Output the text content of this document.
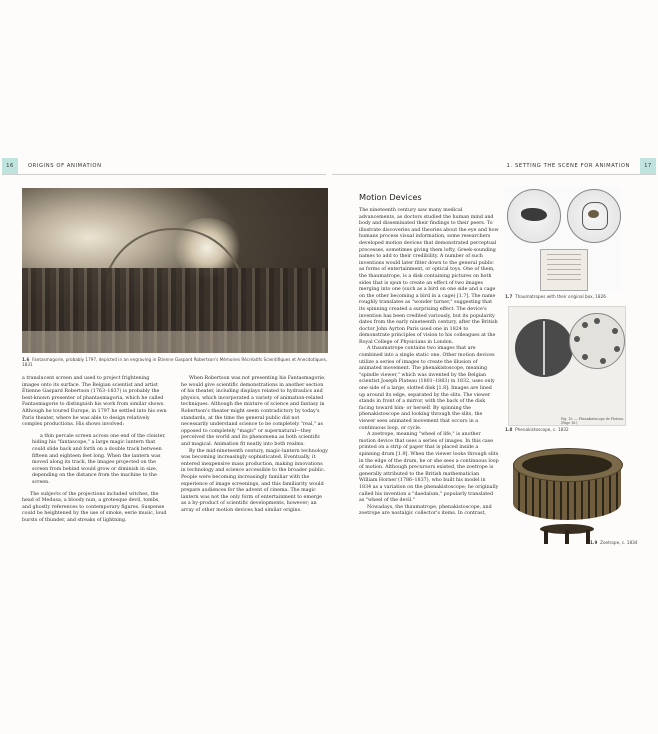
16	ORIGINS OF ANIMATION	1. SETTING THE SCENE FOR ANIMATION	17
1.6 Fantasmagorie, probably 1797, depicted in an engraving in Étienne Gaspard Robertson's Mémoires Récréatifs Scientifiques et Anecdotiques, 1831

a translucent screen and used to project frightening images onto its surface. The Belgian scientist and artist Étienne Gaspard Robertson (1763–1837) is probably the best-known presenter of phantasmagoria, which he called Fantasmagorie to distinguish his work from similar shows. Although he toured Europe, in 1797 he settled into his own Paris theater, where he was able to design relatively complex productions. His shows involved:

a thin percale screen across one end of the cloister, hiding his "fantascope," a large magic lantern that could slide back and forth on a double track between fifteen and eighteen feet long. When the lantern was moved along its track, the images projected on the screen from behind would grow or diminish in size, depending on the distance from the machine to the screen.

The subjects of the projections included witches, the head of Medusa, a bloody nun, a grotesque devil, tombs, and ghostly references to contemporary figures. Suspense could be heightened by the use of smoke, eerie music, loud bursts of thunder, and streaks of lightning.

When Robertson was not presenting his Fantasmagorie, he would give scientific demonstrations in another section of his theater, including displays related to hydraulics and physics, which incorporated a variety of animation-related techniques. Although the mixture of science and fantasy in Robertson's theater might seem contradictory by today's standards, at the time the general public did not necessarily understand science to be completely "real," as opposed to completely "magic" or supernatural—they perceived the world and its phenomena as both scientific and magical. Animation fit neatly into both realms.

By the mid-nineteenth century, magic-lantern technology was becoming increasingly sophisticated. Eventually, it entered inexpensive mass production, making innovations in technology and science accessible to the broader public. People were becoming increasingly familiar with the experience of image screenings, and this familiarity would prepare audiences for the advent of cinema. The magic lantern was not the only form of entertainment to emerge as a by-product of scientific developments, however; an array of other motion devices had similar origins.

Motion Devices

The nineteenth century saw many medical advancements, as doctors studied the human mind and body and disseminated their findings to their peers. To illustrate discoveries and theories about the eye and how humans process visual information, some researchers developed motion devices that demonstrated perceptual processes, sometimes giving them lofty, Greek-sounding names to add to their credibility. A number of such inventions would later filter down to the general public as forms of entertainment, or optical toys. One of them, the thaumatrope, is a disk containing pictures on both sides that is spun to create an effect of two images merging into one (such as a bird on one side and a cage on the other becoming a bird in a cage) [1.7]. The name roughly translates as "wonder turner," suggesting that its spinning created a surprising effect. The device's invention has been credited variously, but its popularity dates from the early nineteenth century, after the British doctor John Ayrton Paris used one in 1824 to demonstrate principles of vision to his colleagues at the Royal College of Physicians in London.

A thaumatrope contains two images that are combined into a single static one. Other motion devices utilize a series of images to create the illusion of animated movement. The phenakistoscope, meaning "spindle viewer," which was invented by the Belgian scientist Joseph Plateau (1801–1883) in 1832, uses only one side of a large, slotted disk [1.8]. Images are lined up around its edge, separated by the slits. The viewer stands in front of a mirror, with the back of the disk facing toward him- or herself. By spinning the phenakistoscope and looking through the slits, the viewer sees animated movement that occurs in a continuous loop, or cycle.

A zoetrope, meaning "wheel of life," is another motion device that uses a series of images. In this case printed on a strip of paper that is placed inside a spinning drum [1.9]. When the viewer looks through slits in the edge of the drum, he or she sees a continuous loop of motion. Although precursors existed, the zoetrope is generally attributed to the British mathematician William Horner (1786–1837), who built his model in 1834 as a variation on the phenakistoscope; he originally called his invention a "daedalum," popularly translated as "wheel of the devil."

Nowadays, the thaumatrope, phenakistoscope, and zoetrope are nostalgic collector's items. In contrast,

1.7 Thaumatropes with their original box, 1826
Fig. 10. — Phenakistiscope de Plateau. (Page 18.)
1.8 Phenakistoscope, c. 1832
1.9 Zoetrope, c. 1834
